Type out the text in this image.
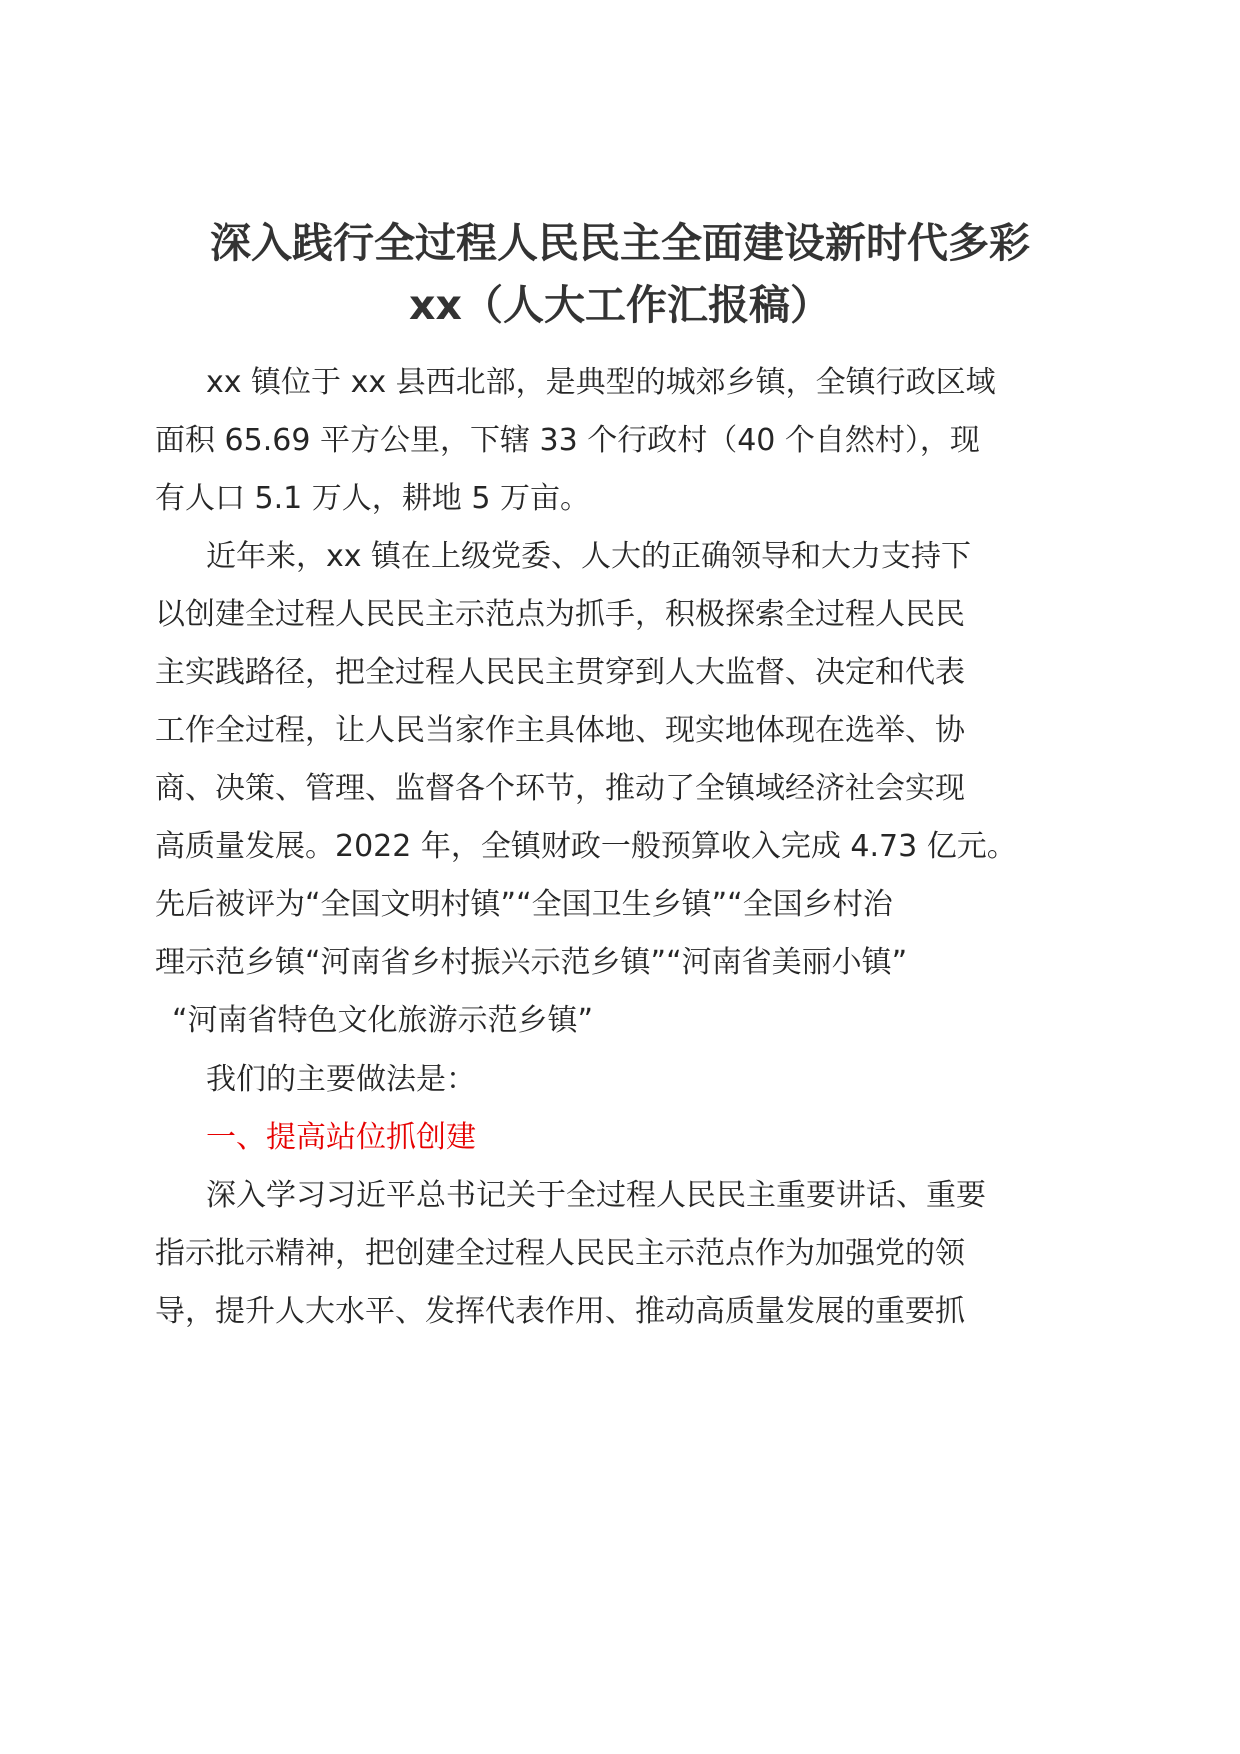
深入践行全过程人民民主全面建设新时代多彩
xx（人大工作汇报稿）
xx 镇位于 xx 县西北部，是典型的城郊乡镇，全镇行政区域
面积 65.69 平方公里，下辖 33 个行政村（40 个自然村），现
有人口 5.1 万人，耕地 5 万亩。
近年来，xx 镇在上级党委、人大的正确领导和大力支持下
以创建全过程人民民主示范点为抓手，积极探索全过程人民民
主实践路径，把全过程人民民主贯穿到人大监督、决定和代表
工作全过程，让人民当家作主具体地、现实地体现在选举、协
商、决策、管理、监督各个环节，推动了全镇域经济社会实现
高质量发展。2022 年，全镇财政一般预算收入完成 4.73 亿元。
先后被评为“全国文明村镇”“全国卫生乡镇”“全国乡村治
理示范乡镇“河南省乡村振兴示范乡镇”“河南省美丽小镇”
“河南省特色文化旅游示范乡镇”
我们的主要做法是：
一、提高站位抓创建
深入学习习近平总书记关于全过程人民民主重要讲话、重要
指示批示精神，把创建全过程人民民主示范点作为加强党的领
导，提升人大水平、发挥代表作用、推动高质量发展的重要抓
